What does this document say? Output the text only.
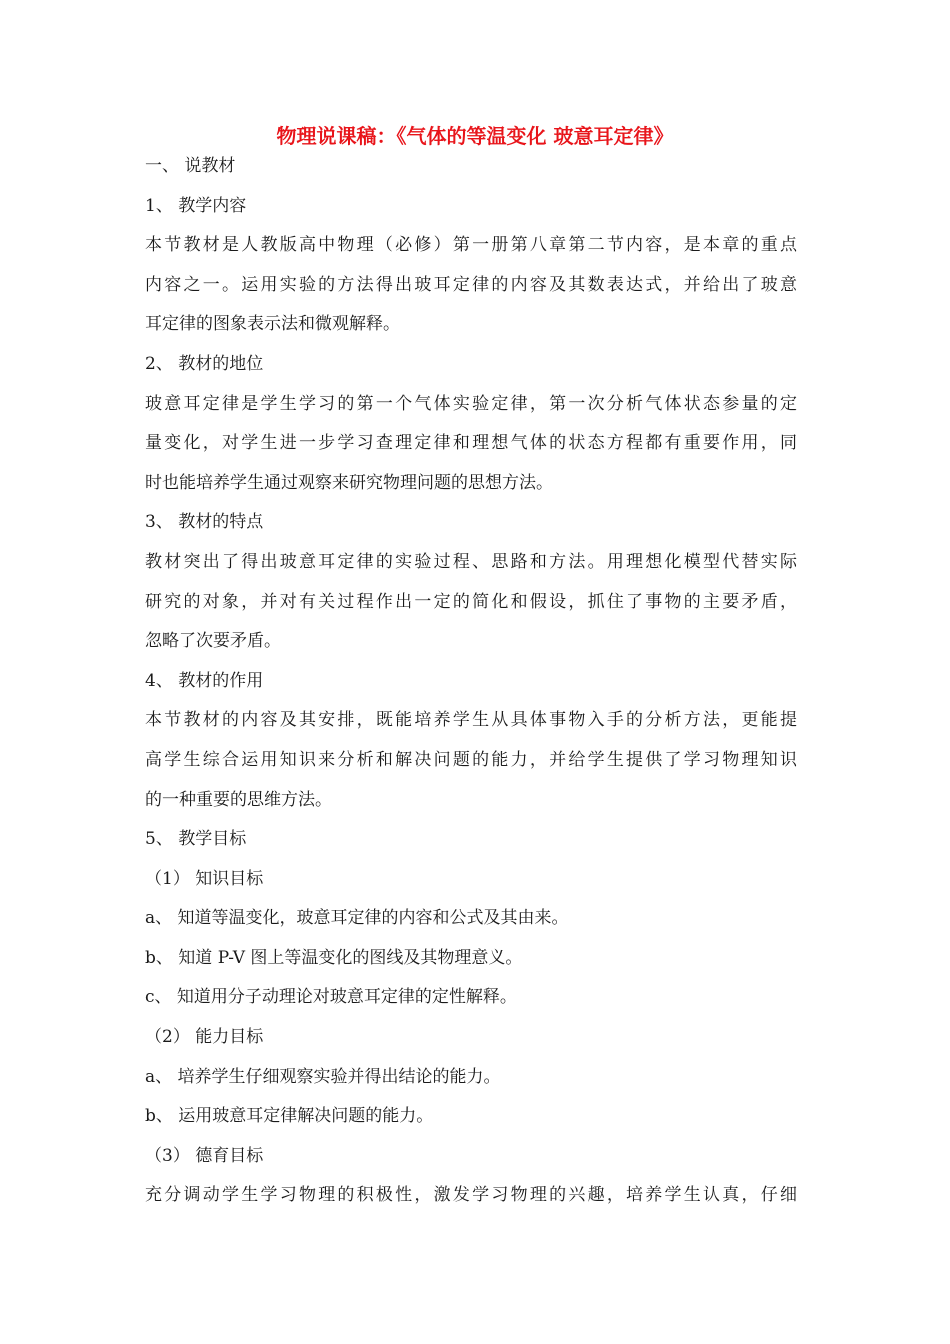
物理说课稿：《气体的等温变化 玻意耳定律》
一、 说教材
1、 教学内容
本节教材是人教版高中物理（必修）第一册第八章第二节内容，是本章的重点
内容之一。运用实验的方法得出玻耳定律的内容及其数表达式，并给出了玻意
耳定律的图象表示法和微观解释。
2、 教材的地位
玻意耳定律是学生学习的第一个气体实验定律，第一次分析气体状态参量的定
量变化，对学生进一步学习查理定律和理想气体的状态方程都有重要作用，同
时也能培养学生通过观察来研究物理问题的思想方法。
3、 教材的特点
教材突出了得出玻意耳定律的实验过程、思路和方法。用理想化模型代替实际
研究的对象，并对有关过程作出一定的简化和假设，抓住了事物的主要矛盾，
忽略了次要矛盾。
4、 教材的作用
本节教材的内容及其安排，既能培养学生从具体事物入手的分析方法，更能提
高学生综合运用知识来分析和解决问题的能力，并给学生提供了学习物理知识
的一种重要的思维方法。
5、 教学目标
（1） 知识目标
a、 知道等温变化，玻意耳定律的内容和公式及其由来。
b、 知道 P-V 图上等温变化的图线及其物理意义。
c、 知道用分子动理论对玻意耳定律的定性解释。
（2） 能力目标
a、 培养学生仔细观察实验并得出结论的能力。
b、 运用玻意耳定律解决问题的能力。
（3） 德育目标
充分调动学生学习物理的积极性，激发学习物理的兴趣，培养学生认真，仔细
